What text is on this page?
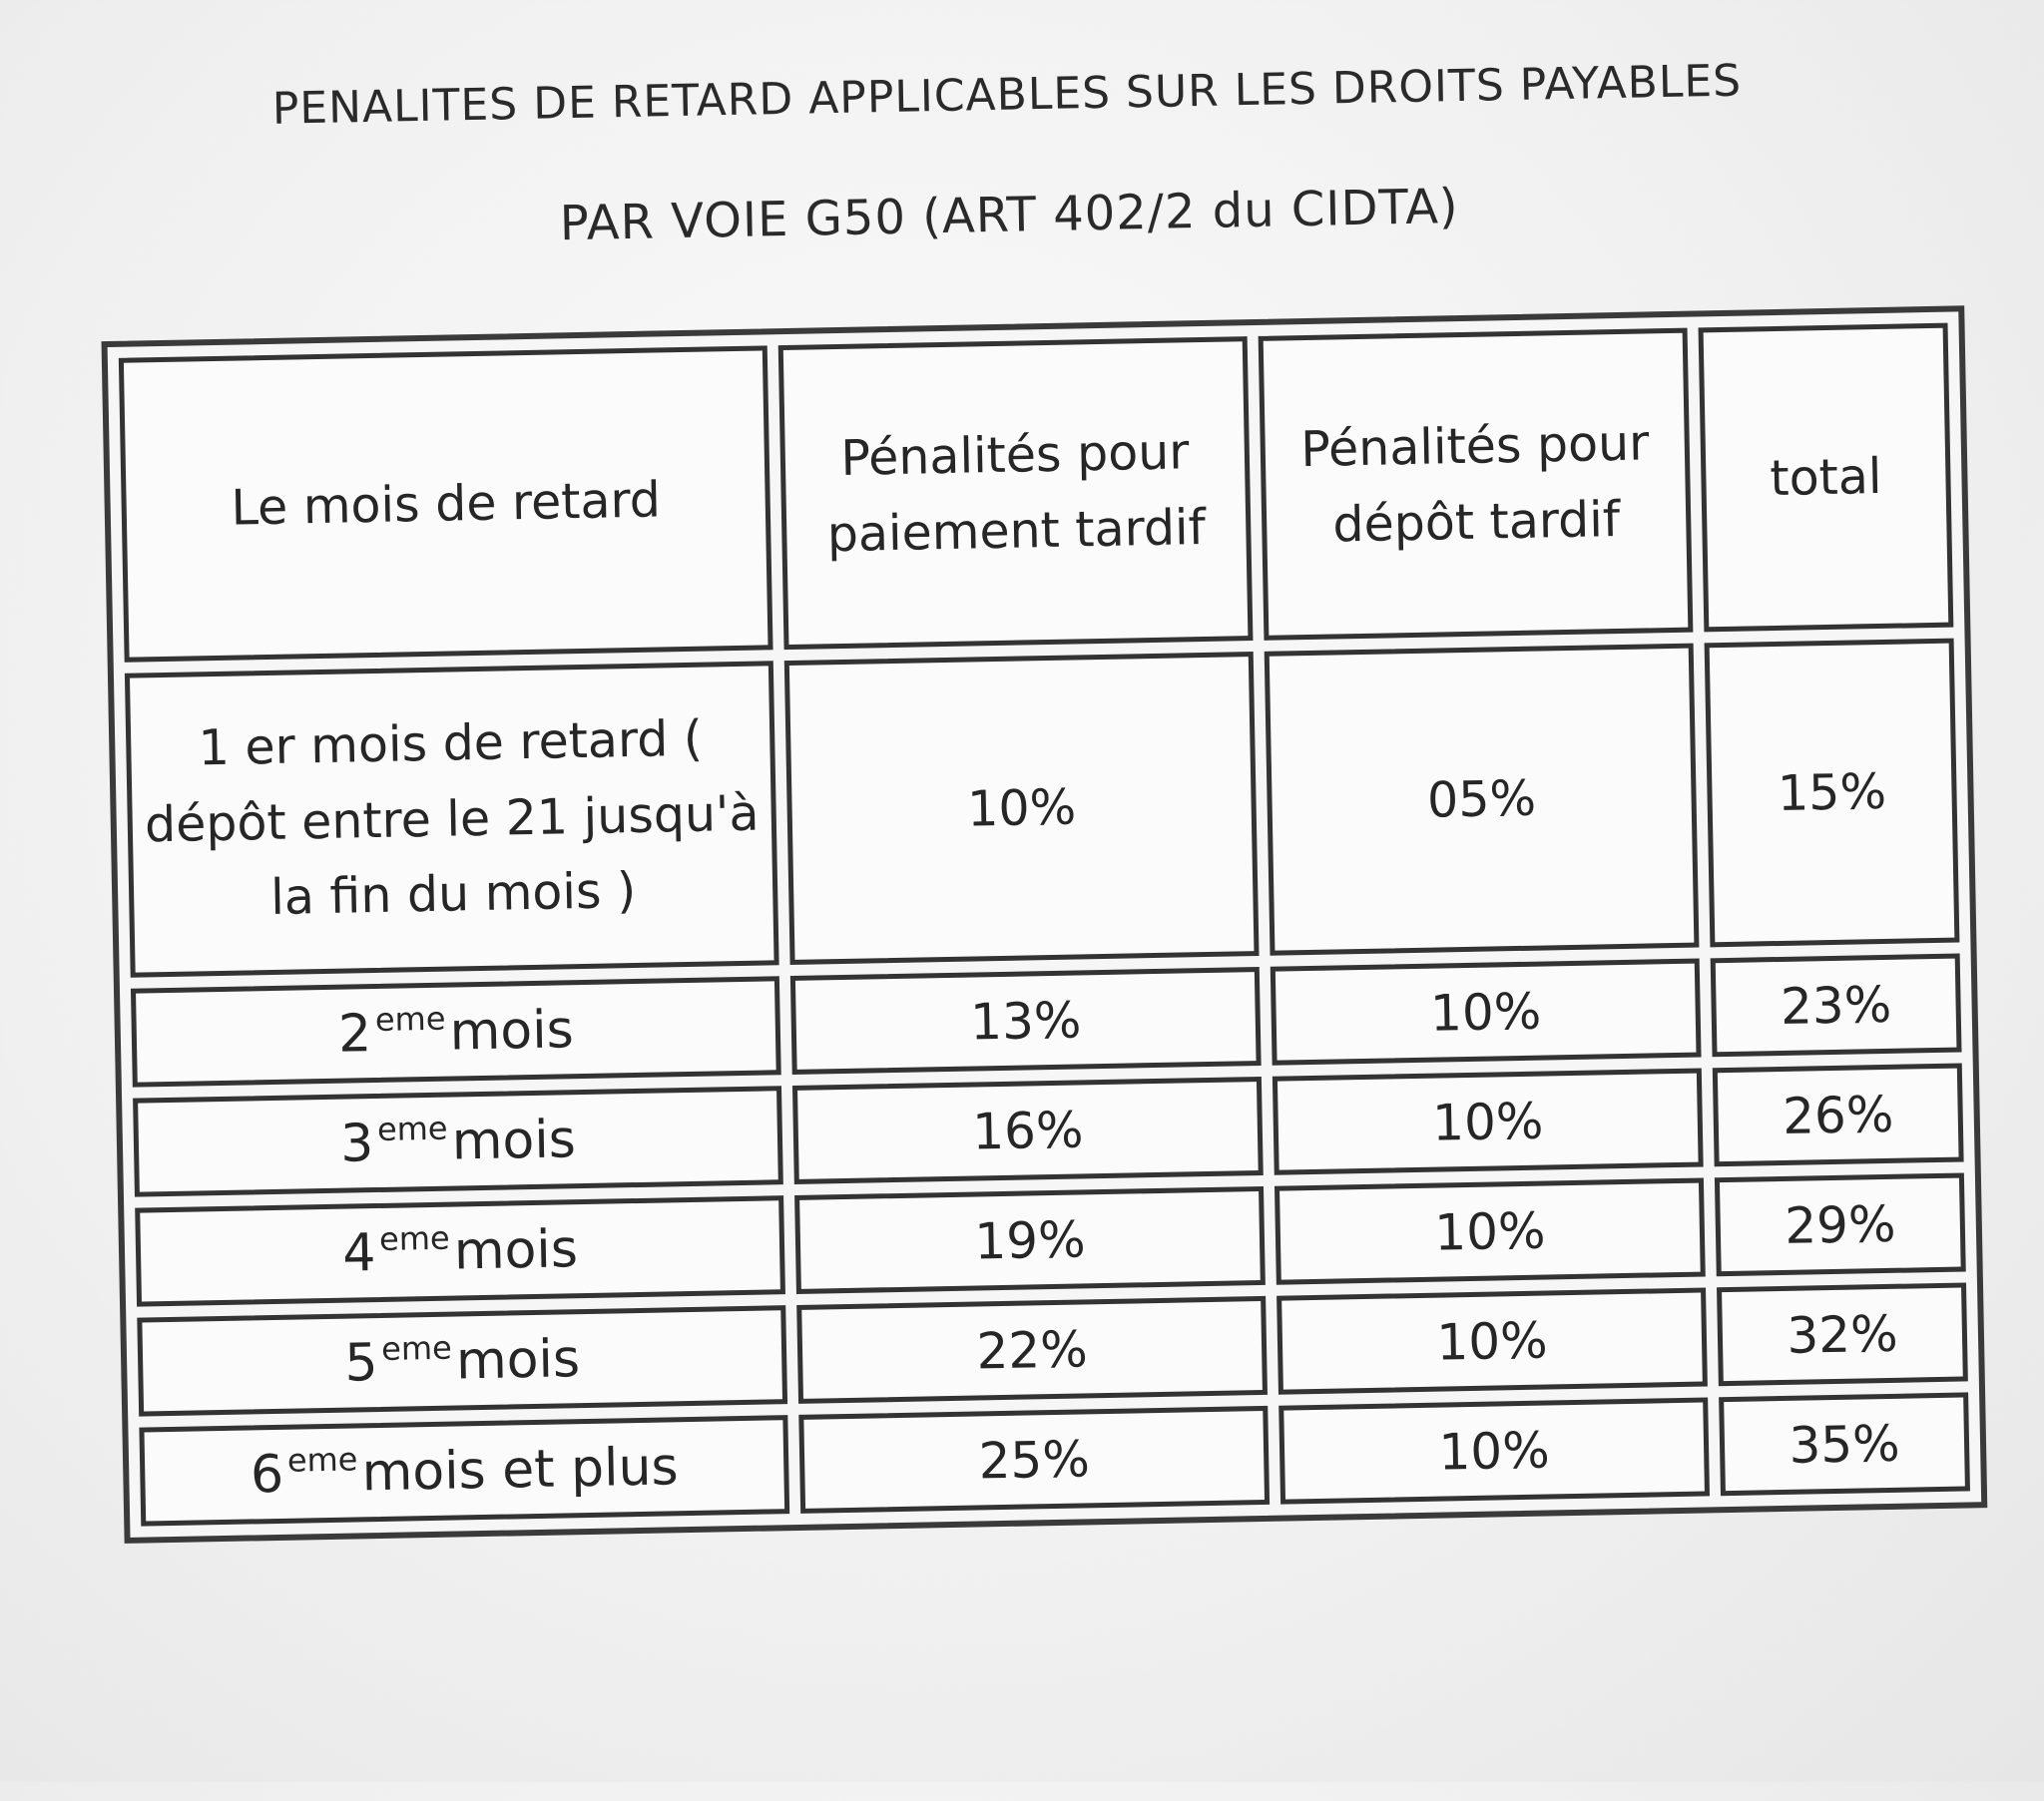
PENALITES DE RETARD APPLICABLES SUR LES DROITS PAYABLES
PAR VOIE G50 (ART 402/2 du CIDTA)
Le mois de retard	Pénalités pour paiement tardif	Pénalités pour dépôt tardif	total
1 er mois de retard ( dépôt entre le 21 jusqu'à la fin du mois )	10%	05%	15%
2ememois	13%	10%	23%
3ememois	16%	10%	26%
4ememois	19%	10%	29%
5ememois	22%	10%	32%
6ememois et plus	25%	10%	35%
